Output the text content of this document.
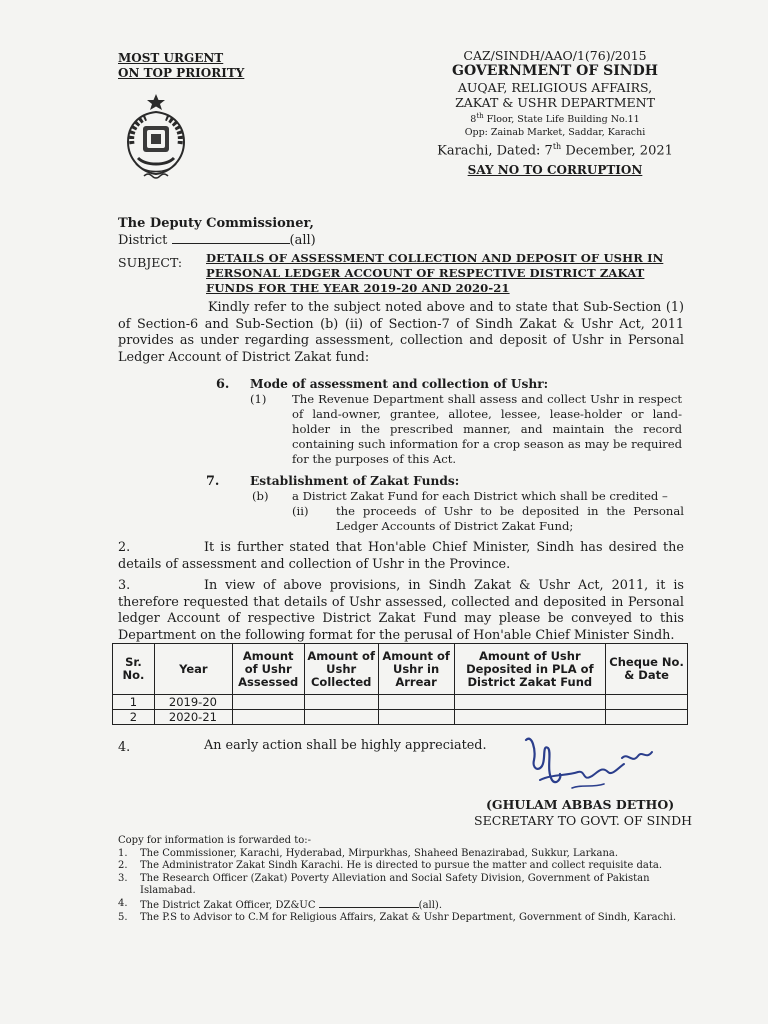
MOST URGENT
ON TOP PRIORITY
CAZ/SINDH/AAO/1(76)/2015
GOVERNMENT OF SINDH
AUQAF, RELIGIOUS AFFAIRS,
ZAKAT & USHR DEPARTMENT
8th Floor, State Life Building No.11
Opp: Zainab Market, Saddar, Karachi
Karachi, Dated: 7th December, 2021
SAY NO TO CORRUPTION
The Deputy Commissioner,
District	(all)
SUBJECT: DETAILS OF ASSESSMENT COLLECTION AND DEPOSIT OF USHR IN PERSONAL LEDGER ACCOUNT OF RESPECTIVE DISTRICT ZAKAT FUNDS FOR THE YEAR 2019-20 AND 2020-21
Kindly refer to the subject noted above and to state that Sub-Section (1) of Section-6 and Sub-Section (b) (ii) of Section-7 of Sindh Zakat & Ushr Act, 2011 provides as under regarding assessment, collection and deposit of Ushr in Personal Ledger Account of District Zakat fund:
6. Mode of assessment and collection of Ushr:
(1) The Revenue Department shall assess and collect Ushr in respect of land-owner, grantee, allotee, lessee, lease-holder or land-holder in the prescribed manner, and maintain the record containing such information for a crop season as may be required for the purposes of this Act.
7.	Establishment of Zakat Funds:
(b) a District Zakat Fund for each District which shall be credited –
(ii) the proceeds of Ushr to be deposited in the Personal Ledger Accounts of District Zakat Fund;
2.	It is further stated that Hon'able Chief Minister, Sindh has desired the details of assessment and collection of Ushr in the Province.
3.	In view of above provisions, in Sindh Zakat & Ushr Act, 2011, it is therefore requested that details of Ushr assessed, collected and deposited in Personal ledger Account of respective District Zakat Fund may please be conveyed to this Department on the following format for the perusal of Hon'able Chief Minister Sindh.
Sr. No.	Year	Amount of Ushr Assessed	Amount of Ushr Collected	Amount of Ushr in Arrear	Amount of Ushr Deposited in PLA of District Zakat Fund	Cheque No. & Date
1	2019-20					
2	2020-21					
4.	An early action shall be highly appreciated.
(GHULAM ABBAS DETHO)
SECRETARY TO GOVT. OF SINDH
Copy for information is forwarded to:-
1. The Commissioner, Karachi, Hyderabad, Mirpurkhas, Shaheed Benazirabad, Sukkur, Larkana.
2. The Administrator Zakat Sindh Karachi. He is directed to pursue the matter and collect requisite data.
3. The Research Officer (Zakat) Poverty Alleviation and Social Safety Division, Government of Pakistan Islamabad.
4. The District Zakat Officer, DZ&UC	(all).
5. The P.S to Advisor to C.M for Religious Affairs, Zakat & Ushr Department, Government of Sindh, Karachi.
